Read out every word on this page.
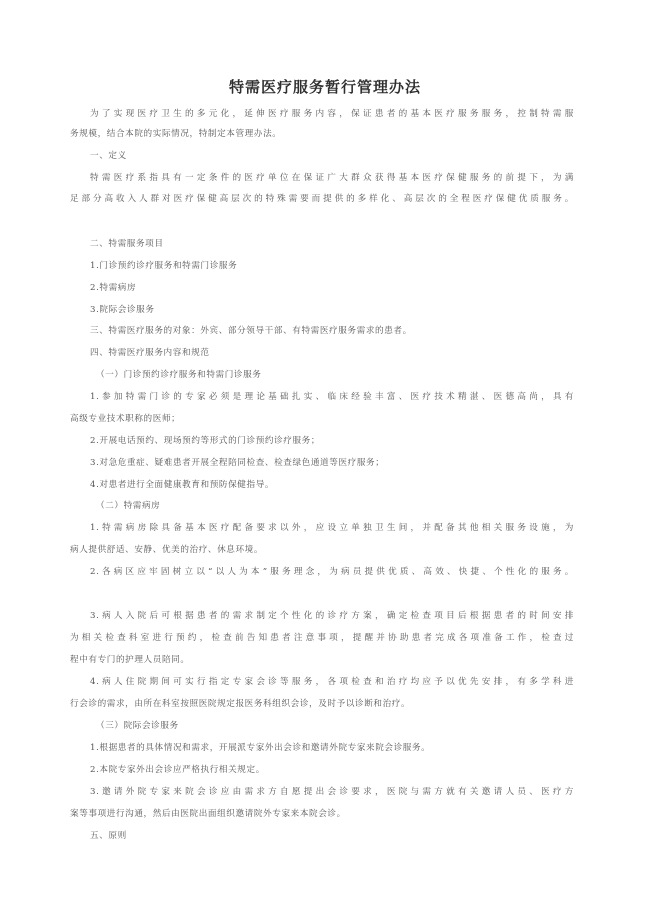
特需医疗服务暂行管理办法
为了实现医疗卫生的多元化，延伸医疗服务内容，保证患者的基本医疗服务服务，控制特需服
务规模，结合本院的实际情况，特制定本管理办法。
一、定义
特需医疗系指具有一定条件的医疗单位在保证广大群众获得基本医疗保健服务的前提下，为满
足部分高收入人群对医疗保健高层次的特殊需要而提供的多样化、高层次的全程医疗保健优质服务。
二、特需服务项目
1.门诊预约诊疗服务和特需门诊服务
2.特需病房
3.院际会诊服务
三、特需医疗服务的对象：外宾、部分领导干部、有特需医疗服务需求的患者。
四、特需医疗服务内容和规范
（一）门诊预约诊疗服务和特需门诊服务
1.参加特需门诊的专家必须是理论基础扎实、临床经验丰富、医疗技术精湛、医德高尚，具有
高级专业技术职称的医师；
2.开展电话预约、现场预约等形式的门诊预约诊疗服务；
3.对急危重症、疑难患者开展全程陪同检查、检查绿色通道等医疗服务；
4.对患者进行全面健康教育和预防保健指导。
（二）特需病房
1.特需病房除具备基本医疗配备要求以外，应设立单独卫生间，并配备其他相关服务设施，为
病人提供舒适、安静、优美的治疗、休息环境。
2.各病区应牢固树立以“以人为本”服务理念，为病员提供优质、高效、快捷、个性化的服务。
3.病人入院后可根据患者的需求制定个性化的诊疗方案，确定检查项目后根据患者的时间安排
为相关检查科室进行预约，检查前告知患者注意事项，提醒并协助患者完成各项准备工作，检查过
程中有专门的护理人员陪同。
4.病人住院期间可实行指定专家会诊等服务，各项检查和治疗均应予以优先安排，有多学科进
行会诊的需求，由所在科室按照医院规定报医务科组织会诊，及时予以诊断和治疗。
（三）院际会诊服务
1.根据患者的具体情况和需求，开展派专家外出会诊和邀请外院专家来院会诊服务。
2.本院专家外出会诊应严格执行相关规定。
3.邀请外院专家来院会诊应由需求方自愿提出会诊要求，医院与需方就有关邀请人员、医疗方
案等事项进行沟通，然后由医院出面组织邀请院外专家来本院会诊。
五、原则
